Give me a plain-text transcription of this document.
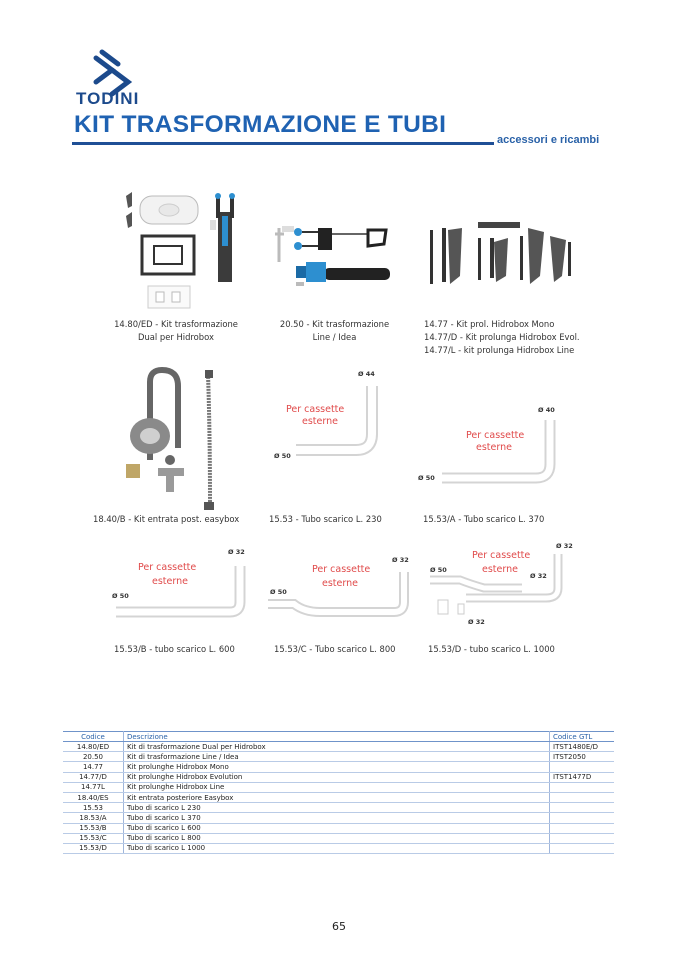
TODINI
KIT TRASFORMAZIONE E TUBI
accessori e ricambi
14.80/ED - Kit trasformazione
Dual per Hidrobox
20.50 - Kit trasformazione
Line / Idea
14.77 - Kit prol. Hidrobox Mono
14.77/D - Kit prolunga Hidrobox Evol.
14.77/L - kit prolunga Hidrobox Line
18.40/B - Kit entrata post. easybox
Ø 44
Per cassette
esterne
Ø 50
15.53 - Tubo scarico L. 230
Ø 40
Per cassette
esterne
Ø 50
15.53/A - Tubo scarico L. 370
Ø 32
Per cassette
esterne
Ø 50
15.53/B - tubo scarico L. 600
Ø 32
Per cassette
esterne
Ø 50
15.53/C - Tubo scarico L. 800
Ø 32
Per cassette
esterne
Ø 50
Ø 32
Ø 32
15.53/D - tubo scarico L. 1000
Codice	Descrizione	Codice GTL
14.80/ED	Kit di trasformazione Dual per Hidrobox	ITST1480E/D
20.50	Kit di trasformazione Line / Idea	ITST2050
14.77	Kit prolunghe Hidrobox Mono	
14.77/D	Kit prolunghe Hidrobox Evolution	ITST1477D
14.77L	Kit prolunghe Hidrobox Line	
18.40/ES	Kit entrata posteriore Easybox	
15.53	Tubo di scarico L 230	
18.53/A	Tubo di scarico L 370	
15.53/B	Tubo di scarico L 600	
15.53/C	Tubo di scarico L 800	
15.53/D	Tubo di scarico L 1000	
65
